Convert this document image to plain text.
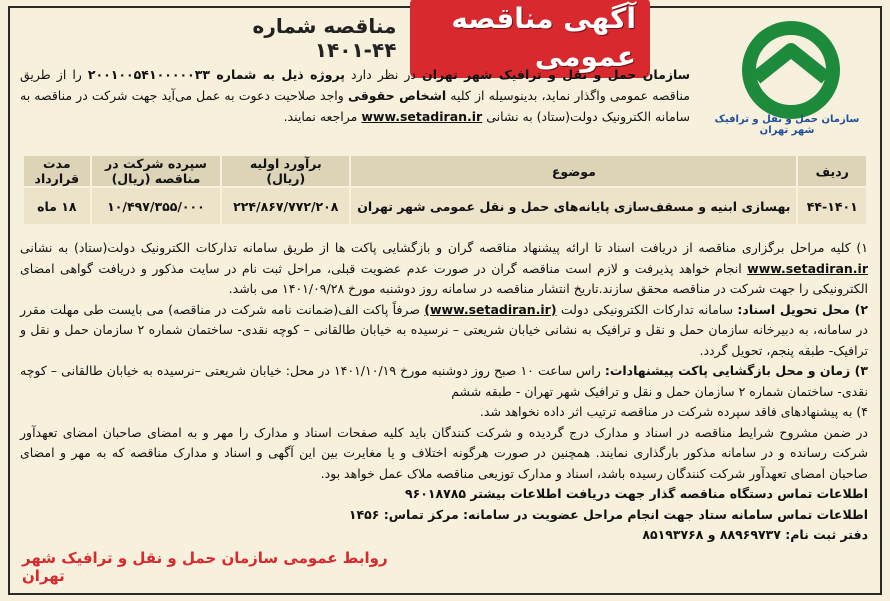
آگهی مناقصه عمومی
مناقصه شماره ۴۴-۱۴۰۱
سازمان حمل و نقل و ترافیک شهر تهران
سازمان حمل و نقل و ترافیک شهر تهران در نظر دارد پروژه ذیل به شماره ۲۰۰۱۰۰۵۴۱۰۰۰۰۰۳۳ را از طریق مناقصه عمومی واگذار نماید، بدینوسیله از کلیه اشخاص حقوقی واجد صلاحیت دعوت به عمل می‌آید جهت شرکت در مناقصه به سامانه الکترونیک دولت(ستاد) به نشانی www.setadiran.ir مراجعه نمایند.
ردیف	موضوع	برآورد اولیه (ریال)	سپرده شرکت در مناقصه (ریال)	مدت قرارداد
۴۴-۱۴۰۱	بهسازی ابنیه و مسقف‌سازی پایانه‌های حمل و نقل عمومی شهر تهران	۲۲۴/۸۶۷/۷۷۲/۲۰۸	۱۰/۴۹۷/۳۵۵/۰۰۰	۱۸ ماه

۱) کلیه مراحل برگزاری مناقصه از دریافت اسناد تا ارائه پیشنهاد مناقصه گران و بازگشایی پاکت ها از طریق سامانه تدارکات الکترونیک دولت(ستاد) به نشانی www.setadiran.ir انجام خواهد پذیرفت و لازم است مناقصه گران در صورت عدم عضویت قبلی، مراحل ثبت نام در سایت مذکور و دریافت گواهی امضای الکترونیکی را جهت شرکت در مناقصه محقق سازند.تاریخ انتشار مناقصه در سامانه روز دوشنبه مورخ ۱۴۰۱/۰۹/۲۸ می باشد.

۲) محل تحویل اسناد: سامانه تدارکات الکترونیکی دولت (www.setadiran.ir) صرفاً پاکت الف(ضمانت نامه شرکت در مناقصه) می بایست طی مهلت مقرر در سامانه، به دبیرخانه سازمان حمل و نقل و ترافیک به نشانی خیابان شریعتی – نرسیده به خیابان طالقانی – کوچه نقدی- ساختمان شماره ۲ سازمان حمل و نقل و ترافیک- طبقه پنجم، تحویل گردد.

۳) زمان و محل بازگشایی پاکت پیشنهادات: راس ساعت ۱۰ صبح روز دوشنبه مورخ ۱۴۰۱/۱۰/۱۹ در محل: خیابان شریعتی –نرسیده به خیابان طالقانی – کوچه نقدی- ساختمان شماره ۲ سازمان حمل و نقل و ترافیک شهر تهران - طبقه ششم

۴) به پیشنهادهای فاقد سپرده شرکت در مناقصه ترتیب اثر داده نخواهد شد.

در ضمن مشروح شرایط مناقصه در اسناد و مدارک درج گردیده و شرکت کنندگان باید کلیه صفحات اسناد و مدارک را مهر و به امضای صاحبان امضای تعهدآور شرکت رسانده و در سامانه مذکور بارگذاری نمایند. همچنین در صورت هرگونه اختلاف و یا مغایرت بین این آگهی و اسناد و مدارک مناقصه که به مهر و امضای صاحبان امضای تعهدآور شرکت کنندگان رسیده باشد، اسناد و مدارک توزیعی مناقصه ملاک عمل خواهد بود.

اطلاعات تماس دستگاه مناقصه گذار جهت دریافت اطلاعات بیشتر ۹۶۰۱۸۷۸۵

اطلاعات تماس سامانه ستاد جهت انجام مراحل عضویت در سامانه: مرکز تماس: ۱۴۵۶

دفتر ثبت نام: ۸۸۹۶۹۷۳۷ و ۸۵۱۹۳۷۶۸

روابط عمومی سازمان حمل و نقل و ترافیک شهر تهران
